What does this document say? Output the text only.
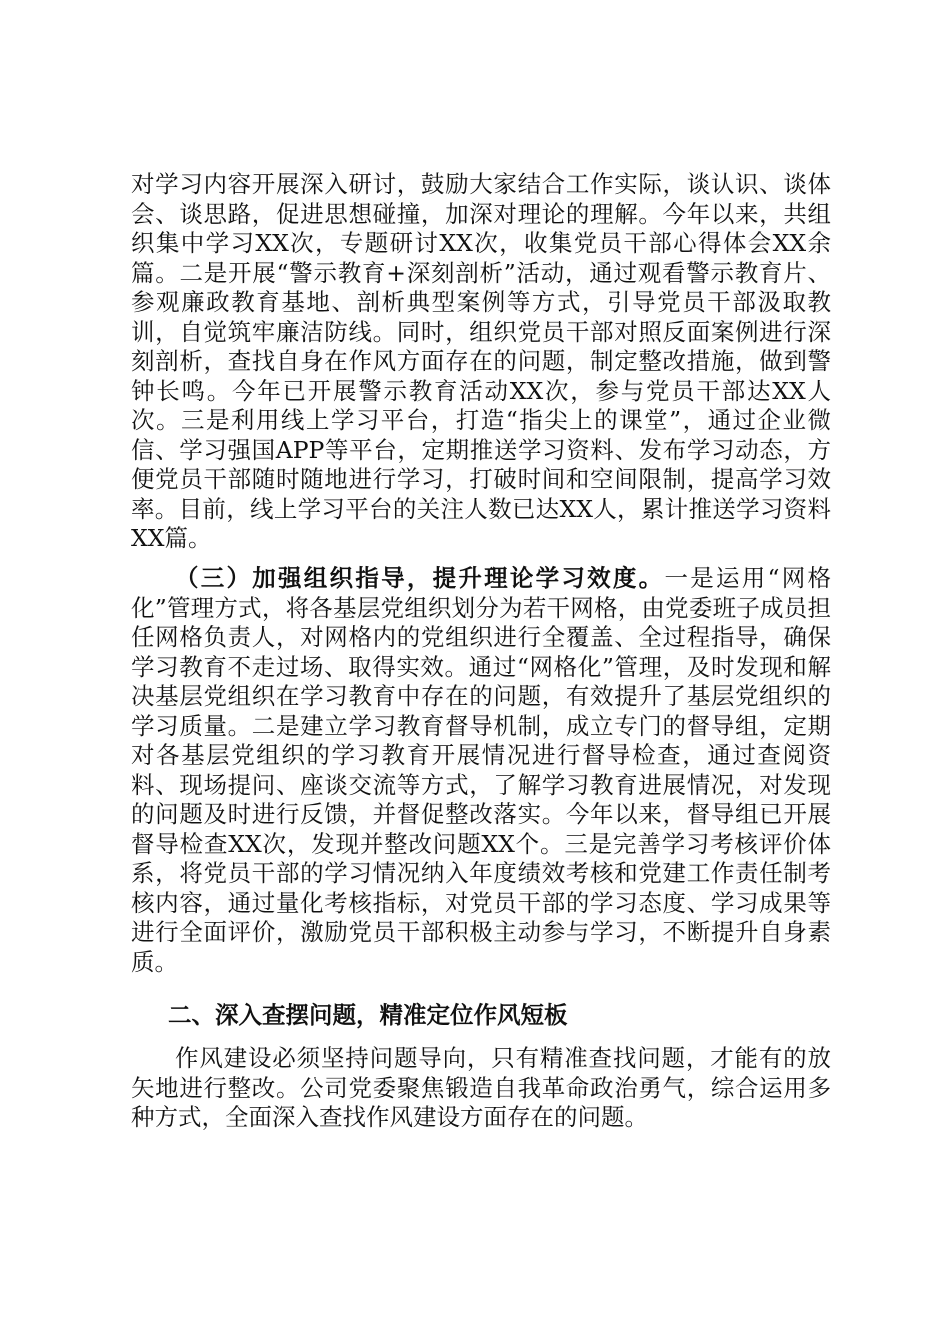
对学习内容开展深入研讨，鼓励大家结合工作实际，谈认识、谈体会、谈思路，促进思想碰撞，加深对理论的理解。今年以来，共组织集中学习XX次，专题研讨XX次，收集党员干部心得体会XX余篇。二是开展“警示教育+深刻剖析”活动，通过观看警示教育片、参观廉政教育基地、剖析典型案例等方式，引导党员干部汲取教训，自觉筑牢廉洁防线。同时，组织党员干部对照反面案例进行深刻剖析，查找自身在作风方面存在的问题，制定整改措施，做到警钟长鸣。今年已开展警示教育活动XX次，参与党员干部达XX人次。三是利用线上学习平台，打造“指尖上的课堂”，通过企业微信、学习强国APP等平台，定期推送学习资料、发布学习动态，方便党员干部随时随地进行学习，打破时间和空间限制，提高学习效率。目前，线上学习平台的关注人数已达XX人，累计推送学习资料XX篇。

（三）加强组织指导，提升理论学习效度。一是运用“网格化”管理方式，将各基层党组织划分为若干网格，由党委班子成员担任网格负责人，对网格内的党组织进行全覆盖、全过程指导，确保学习教育不走过场、取得实效。通过“网格化”管理，及时发现和解决基层党组织在学习教育中存在的问题，有效提升了基层党组织的学习质量。二是建立学习教育督导机制，成立专门的督导组，定期对各基层党组织的学习教育开展情况进行督导检查，通过查阅资料、现场提问、座谈交流等方式，了解学习教育进展情况，对发现的问题及时进行反馈，并督促整改落实。今年以来，督导组已开展督导检查XX次，发现并整改问题XX个。三是完善学习考核评价体系，将党员干部的学习情况纳入年度绩效考核和党建工作责任制考核内容，通过量化考核指标，对党员干部的学习态度、学习成果等进行全面评价，激励党员干部积极主动参与学习，不断提升自身素质。

二、深入查摆问题，精准定位作风短板

作风建设必须坚持问题导向，只有精准查找问题，才能有的放矢地进行整改。公司党委聚焦锻造自我革命政治勇气，综合运用多种方式，全面深入查找作风建设方面存在的问题。
